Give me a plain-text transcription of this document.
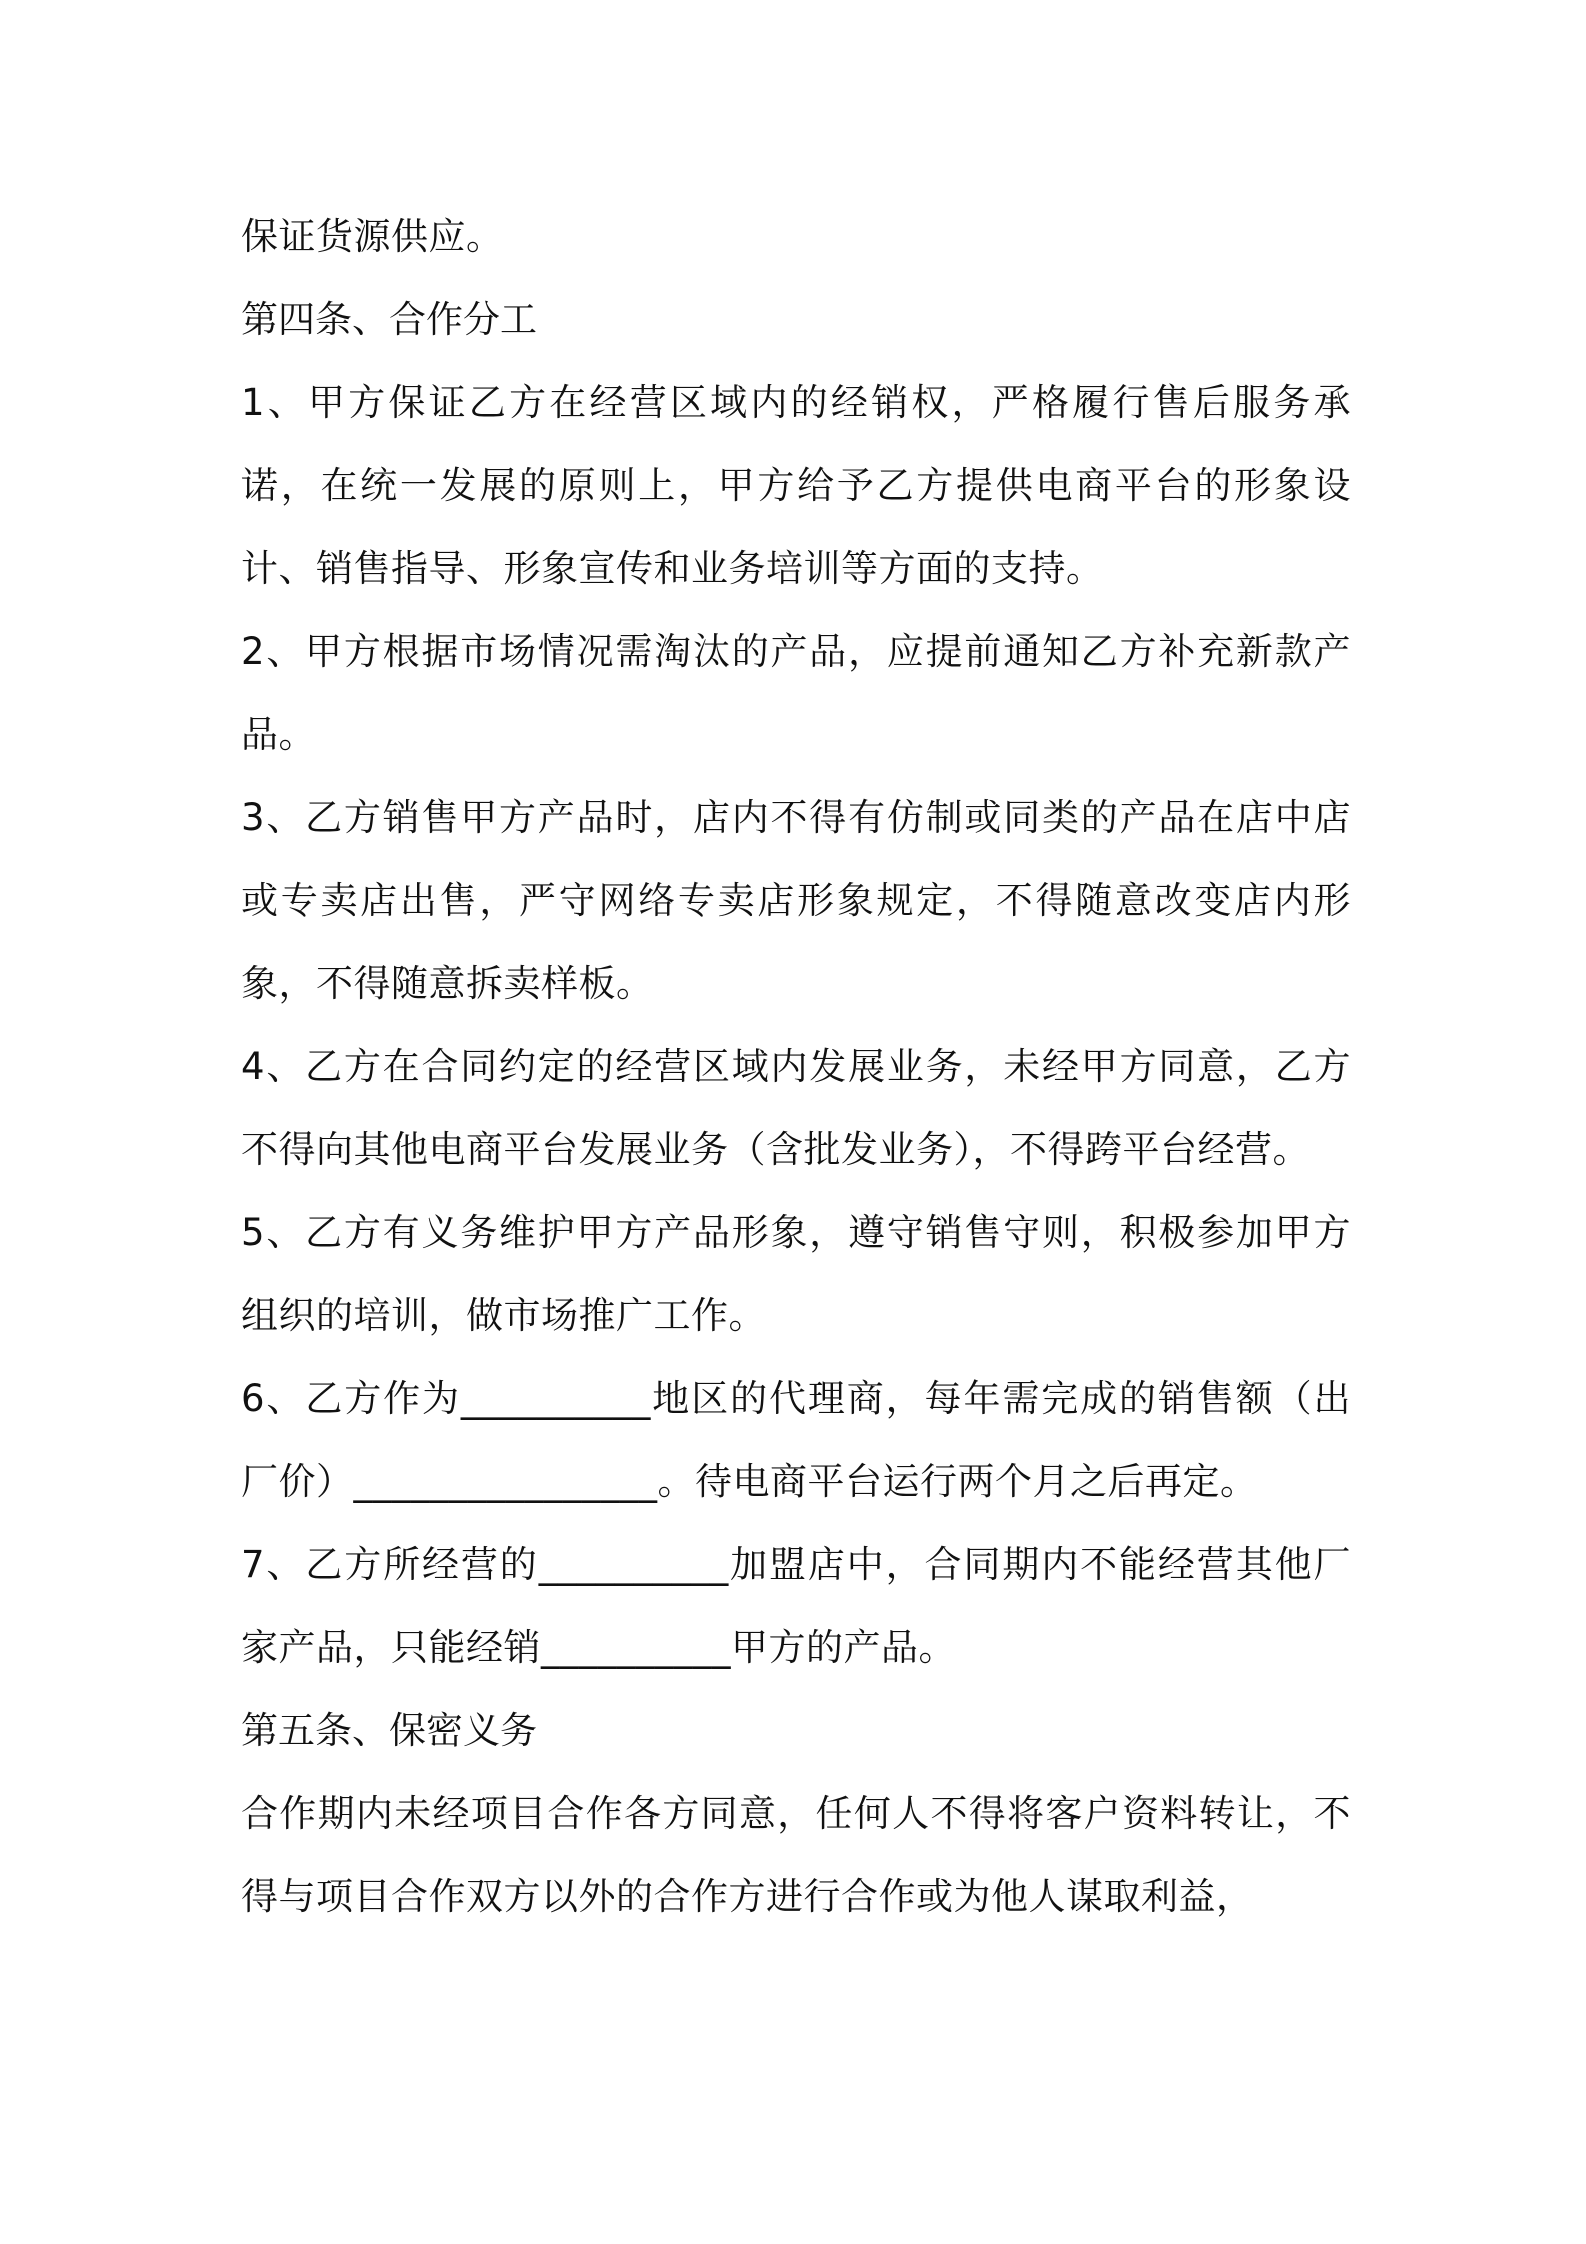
保证货源供应。

第四条、合作分工

1、甲方保证乙方在经营区域内的经销权，严格履行售后服务承诺，在统一发展的原则上，甲方给予乙方提供电商平台的形象设计、销售指导、形象宣传和业务培训等方面的支持。

2、甲方根据市场情况需淘汰的产品，应提前通知乙方补充新款产品。

3、乙方销售甲方产品时，店内不得有仿制或同类的产品在店中店或专卖店出售，严守网络专卖店形象规定，不得随意改变店内形象，不得随意拆卖样板。

4、乙方在合同约定的经营区域内发展业务，未经甲方同意，乙方不得向其他电商平台发展业务（含批发业务），不得跨平台经营。

5、乙方有义务维护甲方产品形象，遵守销售守则，积极参加甲方组织的培训，做市场推广工作。

6、乙方作为__________地区的代理商，每年需完成的销售额（出厂价）________________。待电商平台运行两个月之后再定。

7、乙方所经营的__________加盟店中，合同期内不能经营其他厂家产品，只能经销__________甲方的产品。

第五条、保密义务

合作期内未经项目合作各方同意，任何人不得将客户资料转让，不得与项目合作双方以外的合作方进行合作或为他人谋取利益，
